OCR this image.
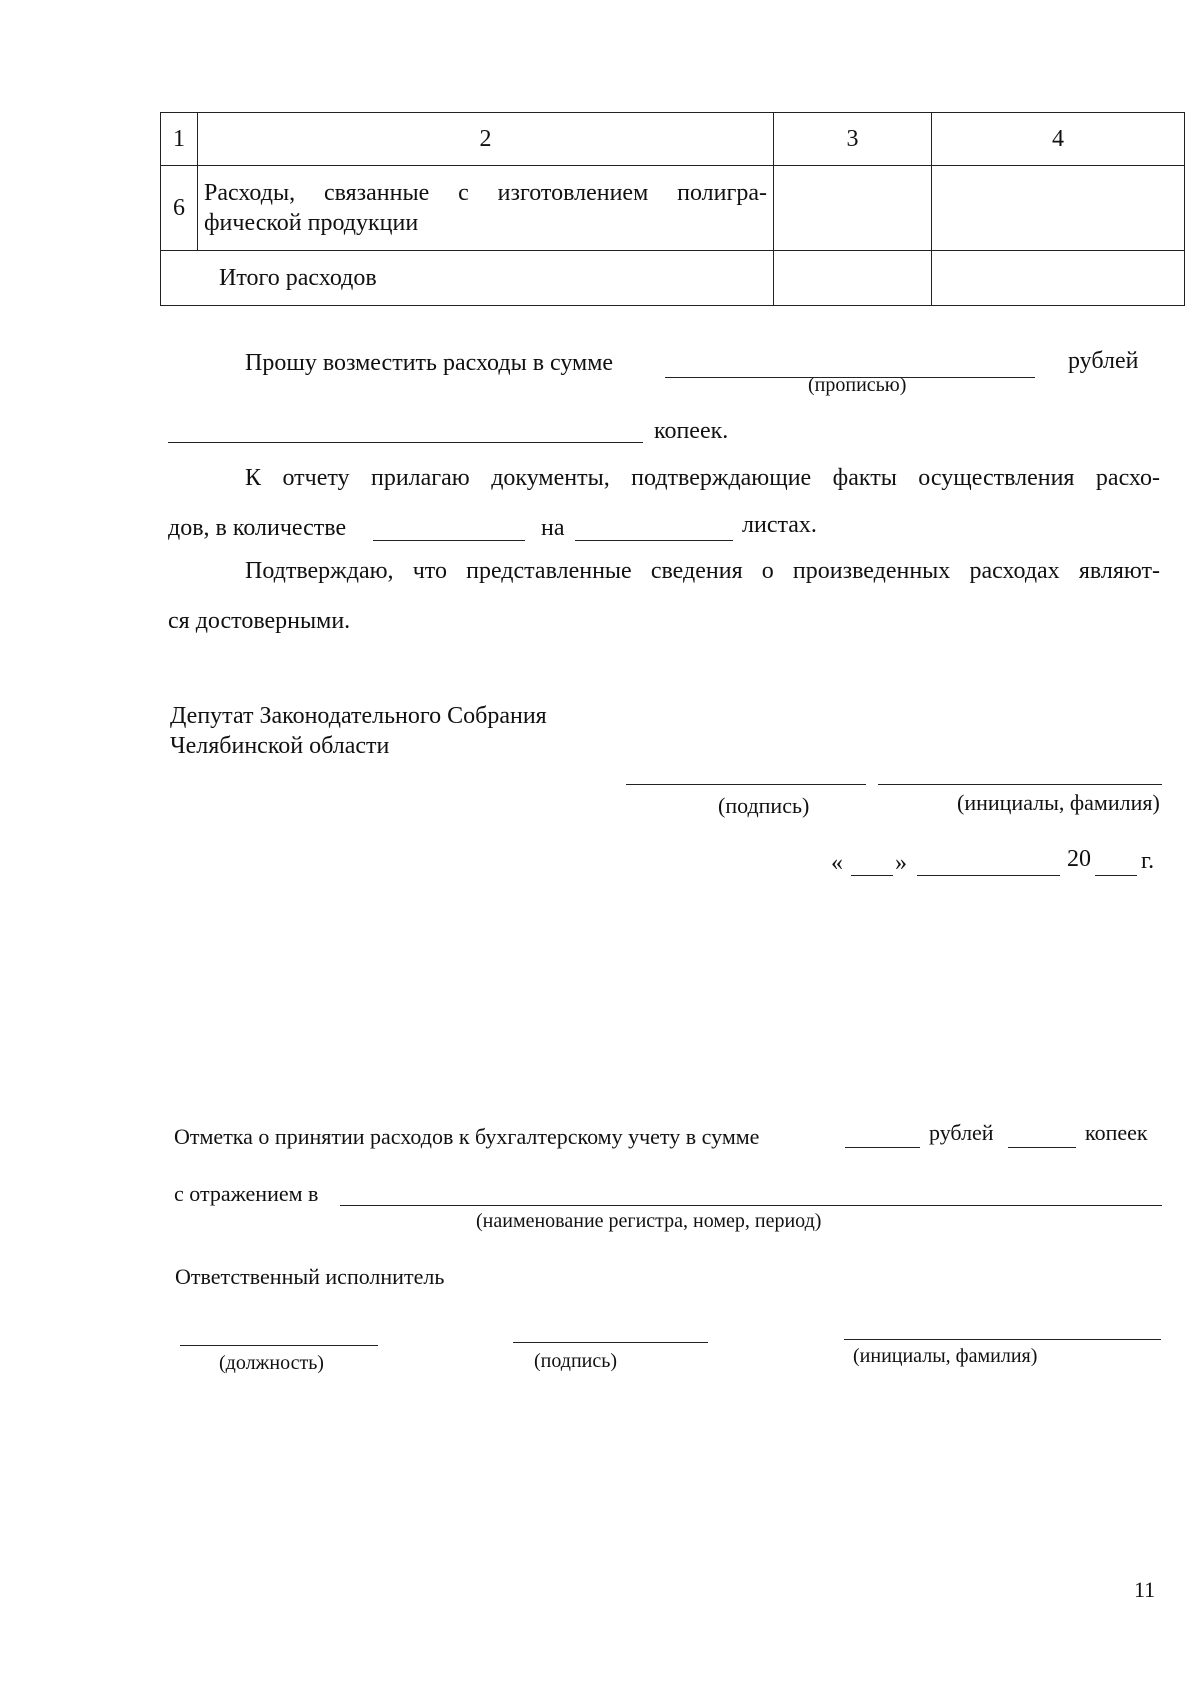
1	2	3	4
6	Расходы, связанные с изготовлением полигра-
фической продукции		

Итого расходов			
Прошу возместить расходы в сумме
(прописью)
рублей
копеек.
К отчету прилагаю документы, подтверждающие факты осуществления расхо-
дов, в количестве	на	листах.
Подтверждаю, что представленные сведения о произведенных расходах являют-
ся достоверными.
Депутат Законодательного Собрания
Челябинской области
(подпись)	(инициалы, фамилия)
« »	20 г.
Отметка о принятии расходов к бухгалтерскому учету в сумме	рублей	копеек
с отражением в
(наименование регистра, номер, период)
Ответственный исполнитель
(должность)	(подпись)	(инициалы, фамилия)
11
